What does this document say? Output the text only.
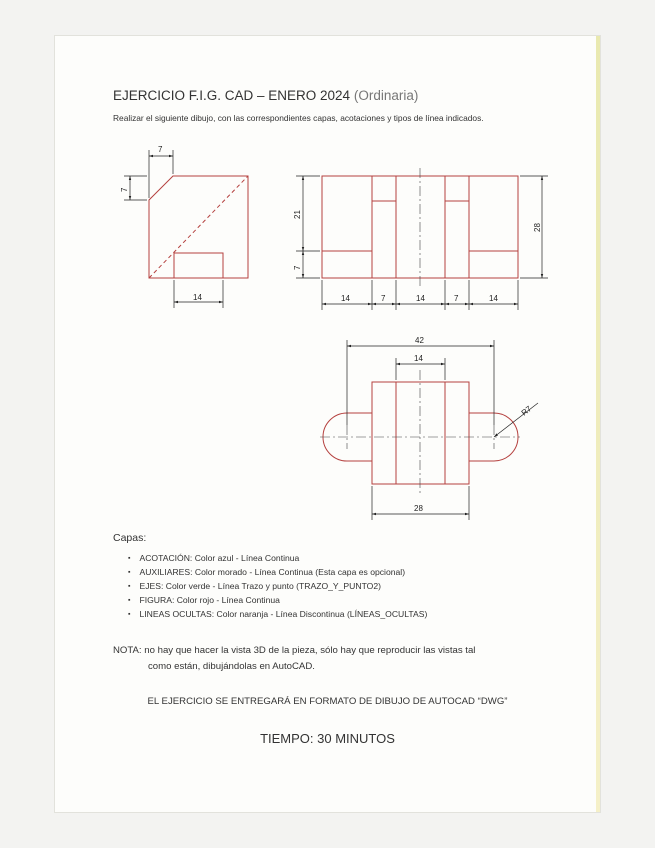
EJERCICIO F.I.G. CAD – ENERO 2024 (Ordinaria)
Realizar el siguiente dibujo, con las correspondientes capas, acotaciones y tipos de línea indicados.
7
7
14
21
7
28
14	7	14	7	14
42
14
R7
28
Capas:
▪ ACOTACIÓN: Color azul - Línea Continua
▪ AUXILIARES: Color morado - Línea Continua (Esta capa es opcional)
▪ EJES: Color verde - Línea Trazo y punto (TRAZO_Y_PUNTO2)
▪ FIGURA: Color rojo - Línea Continua
▪ LINEAS OCULTAS: Color naranja - Línea Discontinua (LÍNEAS_OCULTAS)
NOTA: no hay que hacer la vista 3D de la pieza, sólo hay que reproducir las vistas tal
como están, dibujándolas en AutoCAD.
EL EJERCICIO SE ENTREGARÁ EN FORMATO DE DIBUJO DE AUTOCAD “DWG”
TIEMPO: 30 MINUTOS
